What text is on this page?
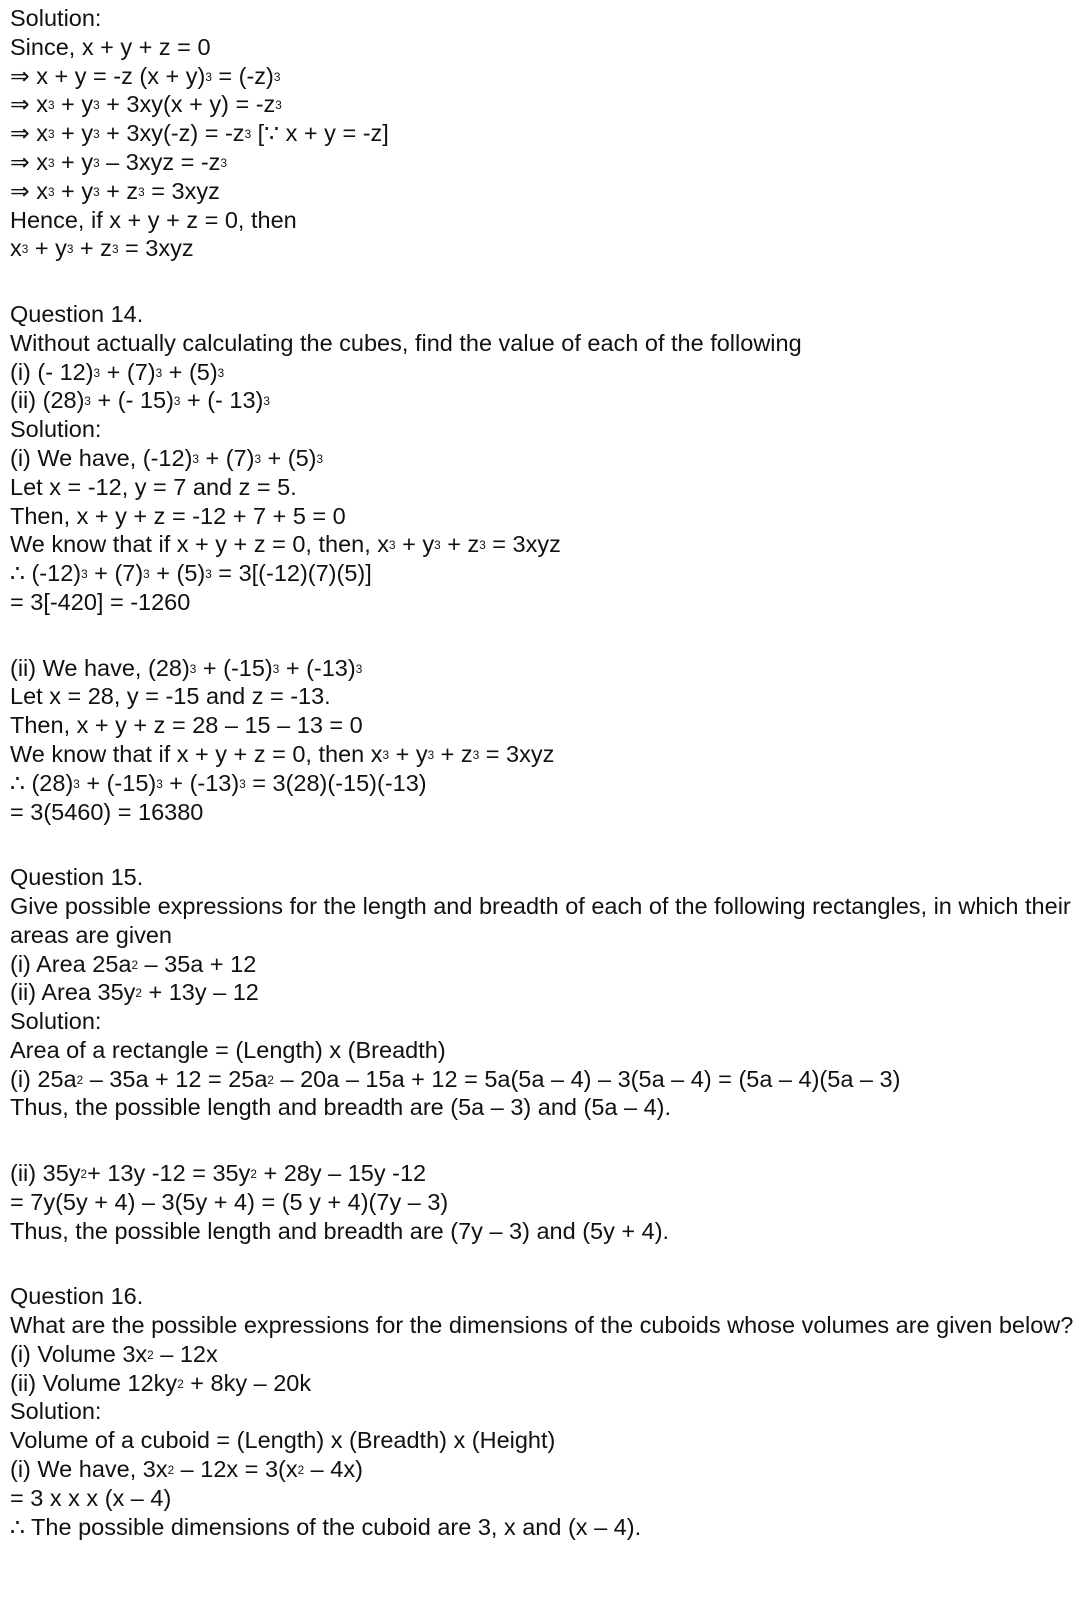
Solution:
Since, x + y + z = 0
⇒ x + y = -z $(x + y)^3 = (-z)^3$
⇒ $x^3 + y^3 + 3xy(x + y) = -z^3$
⇒ $x^3 + y^3 + 3xy(-z) = -z^3$ [∵ x + y = -z]
⇒ $x^3 + y^3 - 3xyz = -z^3$
⇒ $x^3 + y^3 + z^3 = 3xyz$
Hence, if x + y + z = 0, then
$x^3 + y^3 + z^3 = 3xyz$
Question 14.
Without actually calculating the cubes, find the value of each of the following
(i) (- $12)^3 + (7)^3 + (5)^3$
(ii) $(28)^3$ + (- 15)$^3$ + (- 13)$^3$
Solution:
(i) We have, $(-12)^3 + (7)^3 + (5)^3$
Let x = -12, y = 7 and z = 5.
Then, x + y + z = -12 + 7 + 5 = 0
We know that if x + y + z = 0, then, $x^3 + y^3 + z^3 = 3xyz$
∴ $(-12)^3 + (7)^3 + (5)^3 = 3[(-12)(7)(5)]$
= 3[-420] = -1260
(ii) We have, $(28)^3 + (-15)^3 + (-13)^3$
Let x = 28, y = -15 and z = -13.
Then, x + y + z = 28 – 15 – 13 = 0
We know that if x + y + z = 0, then $x^3 + y^3 + z^3 = 3xyz$
∴ $(28)^3 + (-15)^3 + (-13)^3 = 3(28)(-15)(-13)$
= 3(5460) = 16380
Question 15.
Give possible expressions for the length and breadth of each of the following rectangles, in which their areas are given
(i) Area $25a^2 - 35a + 12$
(ii) Area $35y^2 + 13y - 12$
Solution:
Area of a rectangle = (Length) x (Breadth)
(i) $25a^2 - 35a + 12 = 25a^2 - 20a - 15a + 12 = 5a(5a - 4) - 3(5a - 4) = (5a - 4)(5a - 3)$
Thus, the possible length and breadth are (5a – 3) and (5a – 4).
(ii) $35y^2+ 13y$ $-12 = 35y^2 + 28y - 15y$ -12
= 7y(5y + 4) – 3(5y + 4) = (5 y + 4)(7y – 3)
Thus, the possible length and breadth are (7y – 3) and (5y + 4).
Question 16.
What are the possible expressions for the dimensions of the cuboids whose volumes are given below?
(i) Volume $3x^2 - 12x$
(ii) Volume $12ky^2 + 8ky - 20k$
Solution:
Volume of a cuboid = (Length) x (Breadth) x (Height)
(i) We have, $3x^2 - 12x = 3(x^2 - 4x)$
= 3 x x x (x – 4)
∴ The possible dimensions of the cuboid are 3, x and (x – 4).
